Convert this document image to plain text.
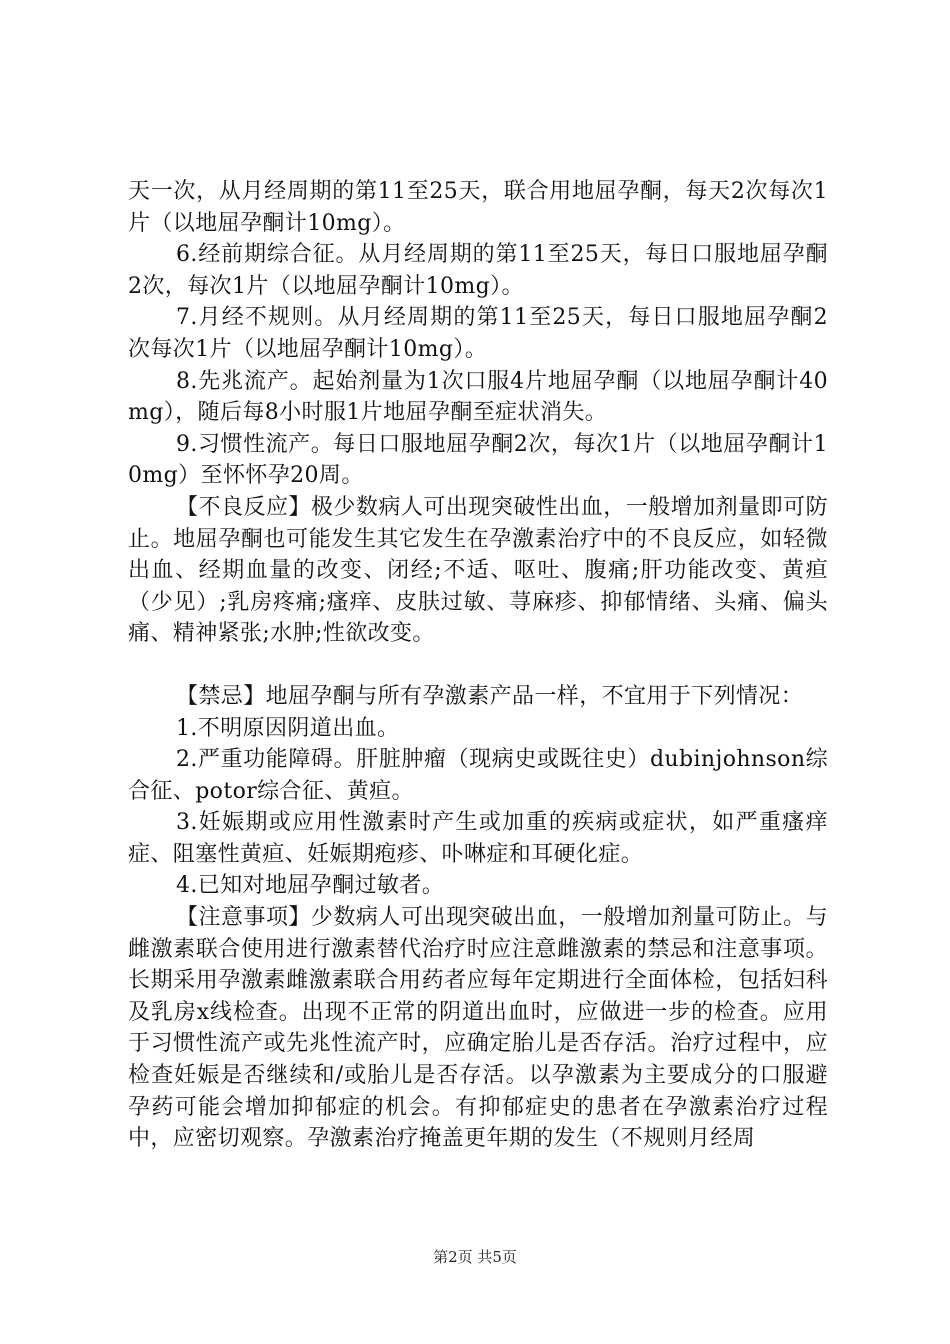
天一次，从月经周期的第11至25天，联合用地屈孕酮，每天2次每次1片（以地屈孕酮计10mg）。

6.经前期综合征。从月经周期的第11至25天，每日口服地屈孕酮2次，每次1片（以地屈孕酮计10mg）。

7.月经不规则。从月经周期的第11至25天，每日口服地屈孕酮2次每次1片（以地屈孕酮计10mg）。

8.先兆流产。起始剂量为1次口服4片地屈孕酮（以地屈孕酮计40mg），随后每8小时服1片地屈孕酮至症状消失。

9.习惯性流产。每日口服地屈孕酮2次，每次1片（以地屈孕酮计10mg）至怀怀孕20周。

【不良反应】极少数病人可出现突破性出血，一般增加剂量即可防止。地屈孕酮也可能发生其它发生在孕激素治疗中的不良反应，如轻微出血、经期血量的改变、闭经;不适、呕吐、腹痛;肝功能改变、黄疸（少见）;乳房疼痛;瘙痒、皮肤过敏、荨麻疹、抑郁情绪、头痛、偏头痛、精神紧张;水肿;性欲改变。

【禁忌】地屈孕酮与所有孕激素产品一样，不宜用于下列情况：

1.不明原因阴道出血。

2.严重功能障碍。肝脏肿瘤（现病史或既往史）dubinjohnson综合征、potor综合征、黄疸。

3.妊娠期或应用性激素时产生或加重的疾病或症状，如严重瘙痒症、阻塞性黄疸、妊娠期疱疹、卟啉症和耳硬化症。

4.已知对地屈孕酮过敏者。

【注意事项】少数病人可出现突破出血，一般增加剂量可防止。与雌激素联合使用进行激素替代治疗时应注意雌激素的禁忌和注意事项。长期采用孕激素雌激素联合用药者应每年定期进行全面体检，包括妇科及乳房x线检查。出现不正常的阴道出血时，应做进一步的检查。应用于习惯性流产或先兆性流产时，应确定胎儿是否存活。治疗过程中，应检查妊娠是否继续和/或胎儿是否存活。以孕激素为主要成分的口服避孕药可能会增加抑郁症的机会。有抑郁症史的患者在孕激素治疗过程中，应密切观察。孕激素治疗掩盖更年期的发生（不规则月经周

第2页 共5页
